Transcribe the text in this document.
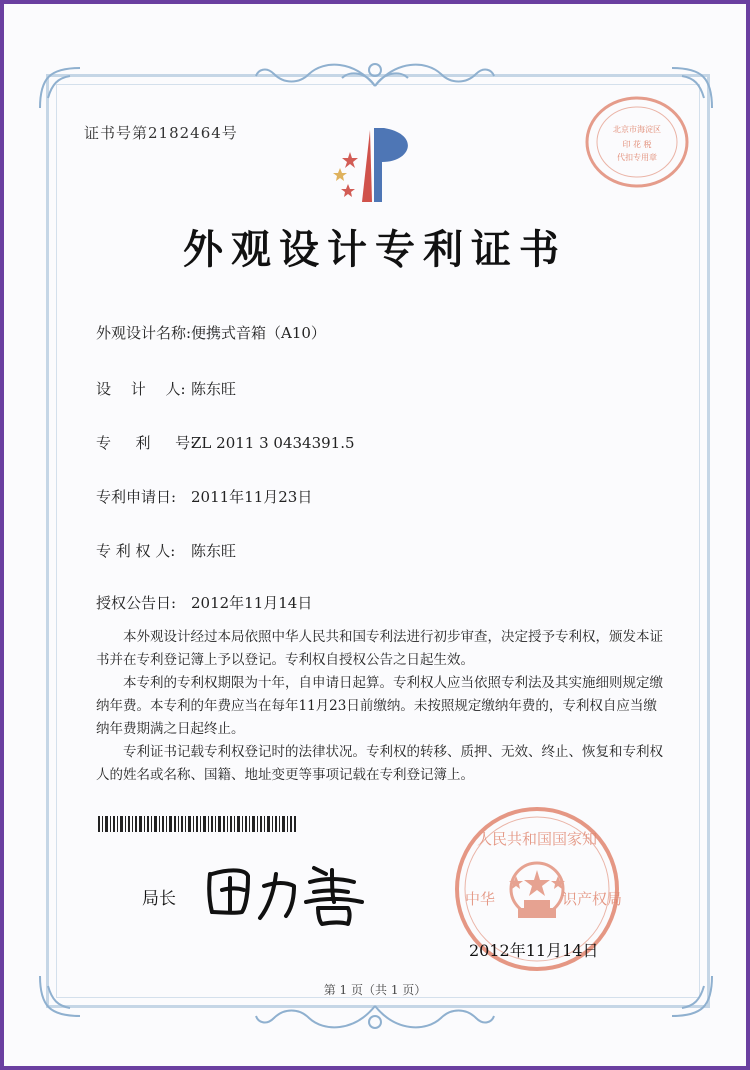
证书号第2182464号	北京市海淀区
印 花 税
代扣专用章
外观设计专利证书
外观设计名称:便携式音箱（A10）
设　 计 　人: 陈东旺
专　  利  　号:ZL 2011 3 0434391.5
专利申请日: 2011年11月23日
专 利 权 人: 陈东旺
授权公告日: 2012年11月14日

本外观设计经过本局依照中华人民共和国专利法进行初步审查，决定授予专利权，颁发本证书并在专利登记簿上予以登记。专利权自授权公告之日起生效。

本专利的专利权期限为十年，自申请日起算。专利权人应当依照专利法及其实施细则规定缴纳年费。本专利的年费应当在每年11月23日前缴纳。未按照规定缴纳年费的，专利权自应当缴纳年费期满之日起终止。

专利证书记载专利权登记时的法律状况。专利权的转移、质押、无效、终止、恢复和专利权人的姓名或名称、国籍、地址变更等事项记载在专利登记簿上。

局长
人民共和国国家知
中华	识产权局
2012年11月14日
第 1 页（共 1 页）
